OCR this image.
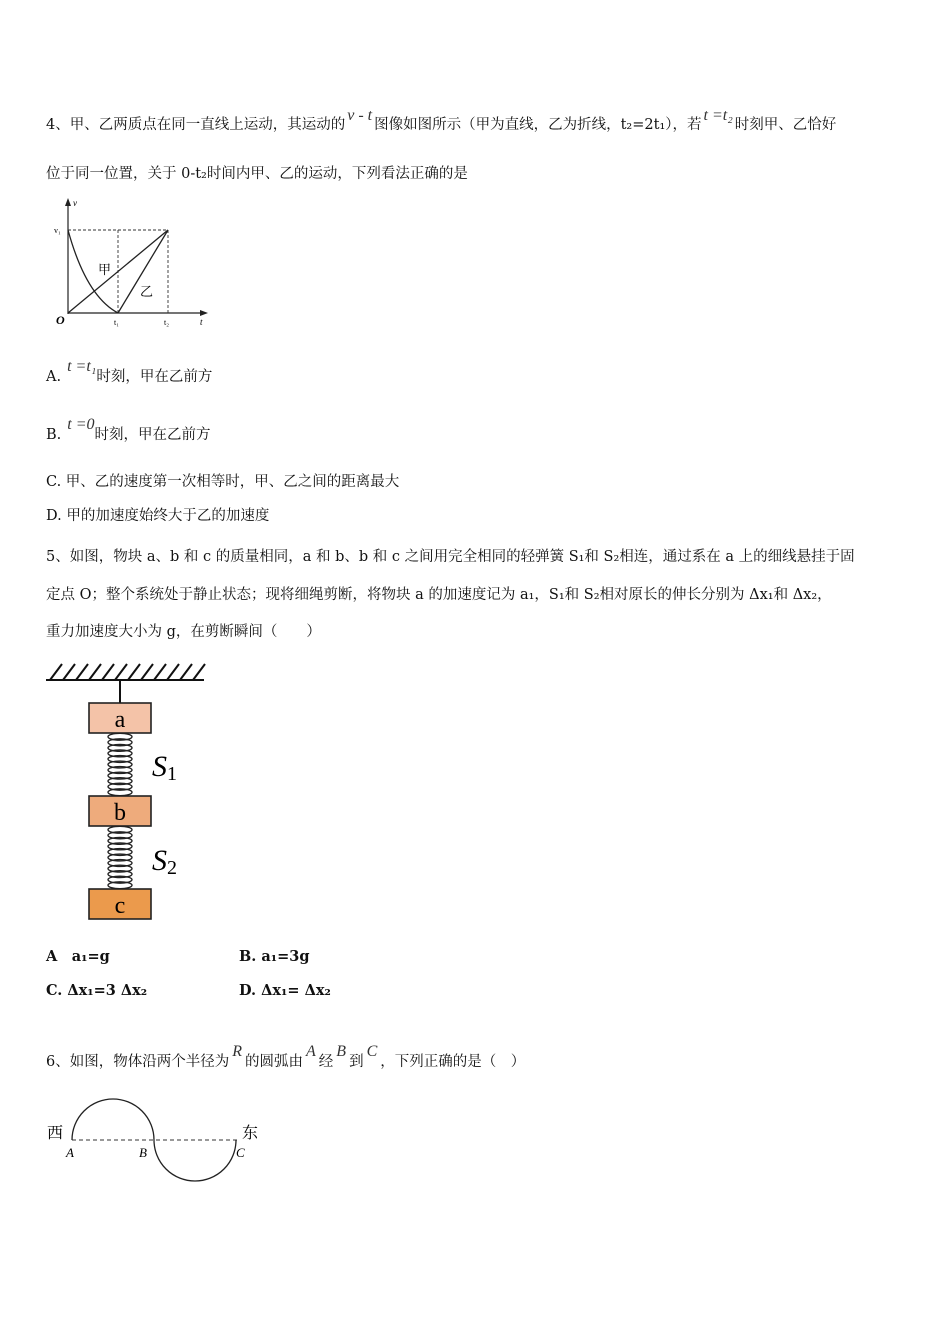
4、甲、乙两质点在同一直线上运动，其运动的v - t图像如图所示（甲为直线，乙为折线，t₂=2t₁），若t =t₂时刻甲、乙恰好
位于同一位置，关于 0-t₂时间内甲、乙的运动，下列看法正确的是
v
v₁
O	t
t₁	t₂
甲
乙
A.t =t₁时刻，甲在乙前方
B.t =0时刻，甲在乙前方
C. 甲、乙的速度第一次相等时，甲、乙之间的距离最大
D. 甲的加速度始终大于乙的加速度
5、如图，物块 a、b 和 c 的质量相同，a 和 b、b 和 c 之间用完全相同的轻弹簧 S₁和 S₂相连，通过系在 a 上的细线悬挂于固
定点 O；整个系统处于静止状态；现将细绳剪断，将物块 a 的加速度记为 a₁，S₁和 S₂相对原长的伸长分别为 Δx₁和 Δx₂，
重力加速度大小为 g，在剪断瞬间（　　）
a
b
c
S1
S2
A　a₁=g	B. a₁=3g
C. Δx₁=3 Δx₂	D. Δx₁= Δx₂
6、如图，物体沿两个半径为R的圆弧由A经B到C，下列正确的是（　）
西	东
A	B	C
